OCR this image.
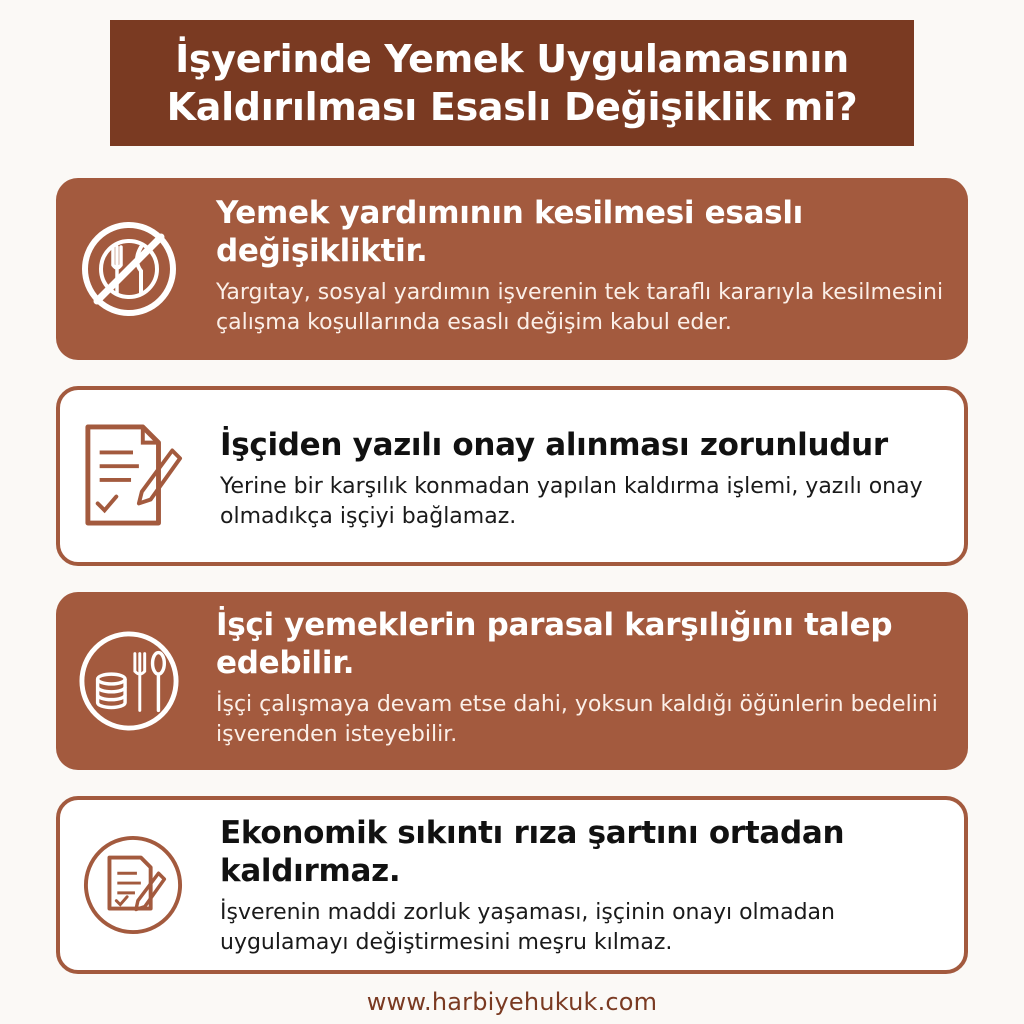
İşyerinde Yemek Uygulamasının
Kaldırılması Esaslı Değişiklik mi?
Yemek yardımının kesilmesi esaslı değişikliktir.
Yargıtay, sosyal yardımın işverenin tek taraflı kararıyla kesilmesini çalışma koşullarında esaslı değişim kabul eder.
İşçiden yazılı onay alınması zorunludur
Yerine bir karşılık konmadan yapılan kaldırma işlemi, yazılı onay olmadıkça işçiyi bağlamaz.
İşçi yemeklerin parasal karşılığını talep edebilir.
İşçi çalışmaya devam etse dahi, yoksun kaldığı öğünlerin bedelini işverenden isteyebilir.
Ekonomik sıkıntı rıza şartını ortadan kaldırmaz.
İşverenin maddi zorluk yaşaması, işçinin onayı olmadan uygulamayı değiştirmesini meşru kılmaz.
www.harbiyehukuk.com
